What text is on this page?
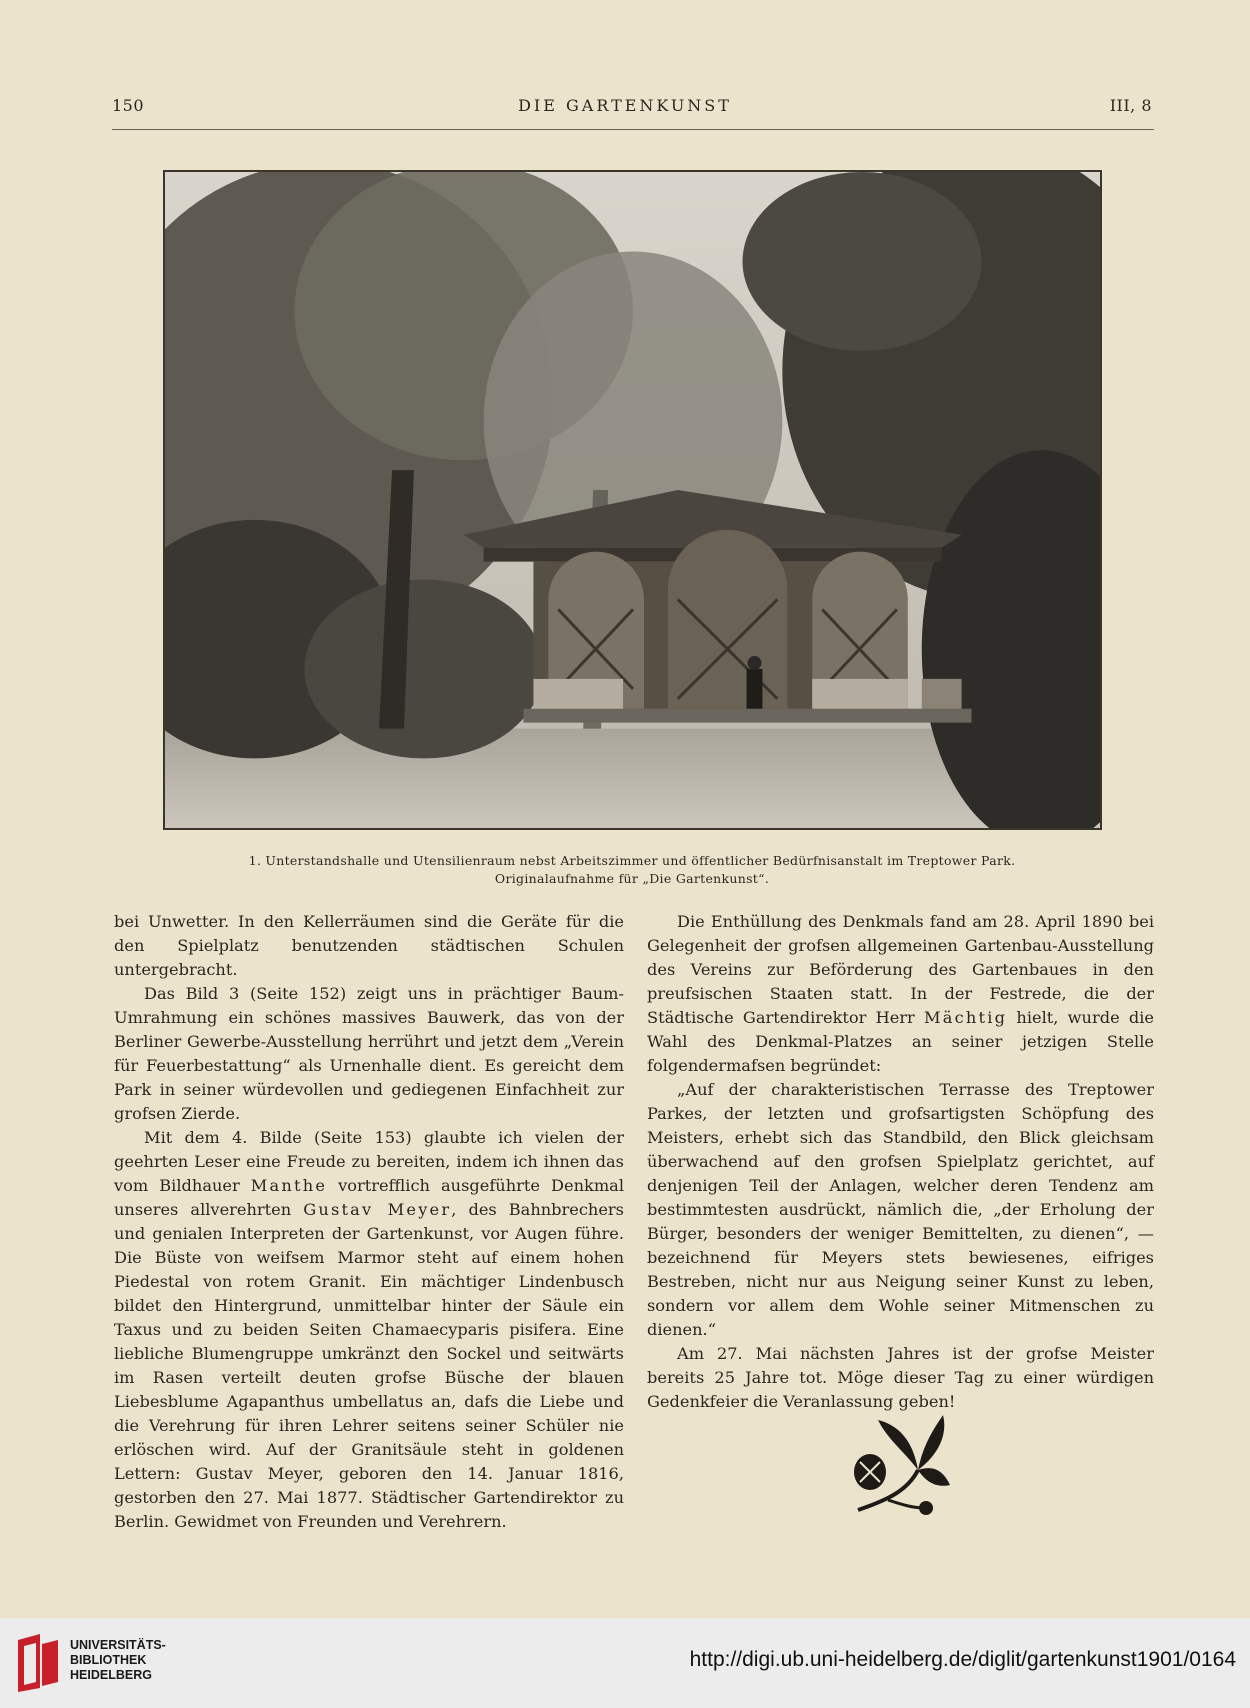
150	DIE GARTENKUNST	III, 8
1. Unterstandshalle und Utensilienraum nebst Arbeitszimmer und öffentlicher Bedürfnisanstalt im Treptower Park.
Originalaufnahme für „Die Gartenkunst“.

bei Unwetter. In den Kellerräumen sind die Geräte für die den Spielplatz benutzenden städtischen Schulen untergebracht.

Das Bild 3 (Seite 152) zeigt uns in prächtiger Baum-Umrahmung ein schönes massives Bauwerk, das von der Berliner Gewerbe-Ausstellung herrührt und jetzt dem „Verein für Feuerbestattung“ als Urnenhalle dient. Es gereicht dem Park in seiner würdevollen und gediegenen Einfachheit zur grofsen Zierde.

Mit dem 4. Bilde (Seite 153) glaubte ich vielen der geehrten Leser eine Freude zu bereiten, indem ich ihnen das vom Bildhauer Manthe vortrefflich ausgeführte Denkmal unseres allverehrten Gustav Meyer, des Bahnbrechers und genialen Interpreten der Gartenkunst, vor Augen führe. Die Büste von weifsem Marmor steht auf einem hohen Piedestal von rotem Granit. Ein mächtiger Lindenbusch bildet den Hintergrund, unmittelbar hinter der Säule ein Taxus und zu beiden Seiten Chamaecyparis pisifera. Eine liebliche Blumengruppe umkränzt den Sockel und seitwärts im Rasen verteilt deuten grofse Büsche der blauen Liebesblume Agapanthus umbellatus an, dafs die Liebe und die Verehrung für ihren Lehrer seitens seiner Schüler nie erlöschen wird. Auf der Granitsäule steht in goldenen Lettern: Gustav Meyer, geboren den 14. Januar 1816, gestorben den 27. Mai 1877. Städtischer Gartendirektor zu Berlin. Gewidmet von Freunden und Verehrern.

Die Enthüllung des Denkmals fand am 28. April 1890 bei Gelegenheit der grofsen allgemeinen Gartenbau-Ausstellung des Vereins zur Beförderung des Gartenbaues in den preufsischen Staaten statt. In der Festrede, die der Städtische Gartendirektor Herr Mächtig hielt, wurde die Wahl des Denkmal-Platzes an seiner jetzigen Stelle folgendermafsen begründet:

„Auf der charakteristischen Terrasse des Treptower Parkes, der letzten und grofsartigsten Schöpfung des Meisters, erhebt sich das Standbild, den Blick gleichsam überwachend auf den grofsen Spielplatz gerichtet, auf denjenigen Teil der Anlagen, welcher deren Tendenz am bestimmtesten ausdrückt, nämlich die, „der Erholung der Bürger, besonders der weniger Bemittelten, zu dienen“, — bezeichnend für Meyers stets bewiesenes, eifriges Bestreben, nicht nur aus Neigung seiner Kunst zu leben, sondern vor allem dem Wohle seiner Mitmenschen zu dienen.“

Am 27. Mai nächsten Jahres ist der grofse Meister bereits 25 Jahre tot. Möge dieser Tag zu einer würdigen Gedenkfeier die Veranlassung geben!

UNIVERSITÄTS-
BIBLIOTHEK
HEIDELBERG
http://digi.ub.uni-heidelberg.de/diglit/gartenkunst1901/0164
